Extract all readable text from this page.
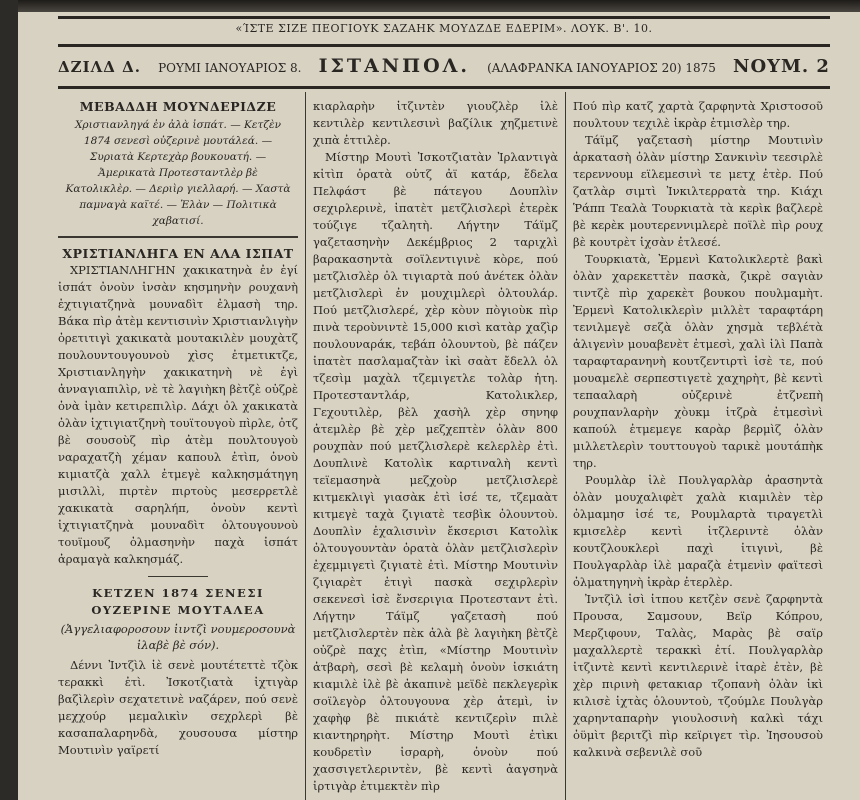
«ΊΣΤΕ ΣΙΖΕ ΠΕΟΓΙΟΥΚ ΣΑΖΑΗΚ ΜΟΥΔΖΔΕ ΕΔΕΡΙΜ». ΛΟΥΚ. Β'. 10.
ΔΖΙΛΔ Δ. ΡΟΥΜΙ ΙΑΝΟΥΑΡΙΟΣ 8. ΙΣΤΑΝΠΟΛ. (ΑΛΑΦΡΑΝΚΑ ΙΑΝΟΥΑΡΙΟΣ 20) 1875 ΝΟΥΜ. 2
ΜΕΒΑΔΔΗ ΜΟΥΝΔΕΡΙΔΖΕ
Χριστιανληγά ἐν ἀλὰ ἰσπάτ. — Κετζὲν 1874 σενεσὶ οὐζερινὲ μουτάλεά. — Συριατὰ Κερτεχὰρ βουκουατή. — Ἀμερικατὰ Προτεσταντλὲρ βὲ Κατολικλὲρ. — Δεριὶρ γιελλαρή. — Χαστὰ παμναγὰ καϊτέ. — Ἑλὰν — Πολιτικὰ χαβατισί.
ΧΡΙΣΤΙΑΝΛΗΓΑ ΕΝ ΑΛΑ ΙΣΠΑΤ

ΧΡΙΣΤΙΑΝΛΗΓΗΝ χακικατηνὰ ἐν ἐγί ἰσπάτ ὀνοὺν ἰνσὰν κησμηνὴν ρουχανὴ ἐχτιγιατζηνὰ μουναδὶτ ἐλμασὴ τηρ. Βάκα πὶρ ἀτὲμ κεντισινὶν Χριστιανλιγὴν ὀρετιτιγὶ χακικατὰ μουτακιλὲν μουχὰτζ πουλουντουγουνοὺ χὶσς ἐτμετικτζε, Χριστιανληγὴν χακικατηνὴ νὲ ἐγὶ ἀνναγιαπιλὶρ, νὲ τὲ λαγιὴκη βὲτζὲ οὐζρὲ ὀνὰ ἰμὰν κετιρεπιλὶρ. Δάχι ὀλ χακικατὰ ὀλὰν ἰχτιγιατζηνὴ τουϊτουγοὺ πὶρλε, ὀτζ βὲ σουσοὺζ πὶρ ἀτὲμ πουλτουγοὺ ναραχατζὴ χέμαν καπουλ ἐτὶπ, ὀνοὺ κιμιατζὰ χαλλ ἐτμεγὲ καλκησμάτηγη μισιλλὶ, πιρτὲν πιρτοὺς μεσερρετλὲ χακικατὰ σαρηλήπ, ὀνοὺν κεντὶ ἰχτιγιατζηνὰ μουναδὶτ ὀλτουγουνοὺ τουϊμουζ ὀλμασηνὴν παχὰ ἰσπάτ ἀραμαγὰ καλκησμάζ.

ΚΕΤΖΕΝ 1874 ΣΕΝΕΣΙ ΟΥΖΕΡΙΝΕ ΜΟΥΤΑΛΕΑ
(Ἀγγελιαφοροσουν ἰιντζὶ νουμεροσουνὰ ἰλαβὲ βὲ σόν).

Δέννι Ἰντζὶλ ἰὲ σενὲ μουτέτεττὲ τζὸκ τερακκὶ ἐτὶ. Ἰσκοτζιατὰ ἰχτιγὰρ βαζὶλερὶν σεχατετινὲ ναζάρεν, πού σενὲ μεχχούρ μεμαλικὶν σεχρλερὶ βὲ κασαπαλαρηνδὰ, χουσουσα μίστηρ Μουτινὶν γαϊρετί

κιαρλαρὴν ἰτζιντὲν γιουζλὲρ ἰλὲ κεντιλὲρ κεντιλεσινὶ βαζίλικ χηζμετινὲ χιπὰ ἐττιλὲρ.

Μίστηρ Μουτὶ Ἰσκοτζιατὰν Ἰρλαντιγὰ κἰτὶπ ὁρατὰ οὐτζ ἀϊ κατάρ, ἔδελα Πελφάστ βὲ πάτεγου Δουπλὶν σεχιρλερινὲ, ἰπατὲτ μετζλισλερὶ ἐτερὲκ τούζιγε τζαλητὴ. Λήγτην Τάϊμζ γαζετασηνὴν Δεκέμβριος 2 ταριχλὶ βαρακασηντὰ σοϊλεντιγινὲ κὸρε, πού μετζλισλὲρ ὀλ τιγιαρτὰ πού ἀνέτεκ ὀλὰν μετζλισλερὶ ἐν μουχιμλερὶ ὀλτουλάρ. Πού μετζλισλερέ, χὲρ κὸυν πὸγιοὺκ πὶρ πινὰ τεροὺνιντὲ 15,000 κισὶ κατὰρ χαζὶρ πουλουναράκ, τεβάπ ὀλουντοὺ, βὲ πάζεν ἰπατὲτ πασλαμαζτὰν ἰκὶ σαὰτ ἔδελλ ὀλ τζεσὶμ μαχὰλ τζεμιγετλε τολὰρ ἠτη. Προτεσταντλάρ, Κατολικλερ, Γεχουτιλὲρ, βὲλ χασὴλ χὲρ σηνηφ ἀτεμλὲρ βὲ χὲρ μεζχεπτὲν ὀλὰν 800 ρουχπὰν πού μετζλισλερὲ κελερλὲρ ἐτὶ. Δουπλινὲ Κατολὶκ καρτιναλὴ κεντὶ τεϊεμασηνὰ μεζχοὺρ μετζλισλερὲ κιτμεκλιγὶ γιασὰκ ἐτὶ ἰσέ τε, τζεμαὰτ κιτμεγὲ ταχὰ ζιγιατὲ τεσβὶκ ὀλουντοὺ. Δουπλὶν ἐχαλισινὶν ἔκσερισι Κατολὶκ ὀλτουγουντὰν ὁρατὰ ὀλὰν μετζλισλερὶν ἐχεμμιγετὶ ζιγιατὲ ἐτὶ. Μίστηρ Μουτινὶν ζιγιαρὲτ ἐτιγὶ πασκὰ σεχιρλερὶν σεκενεσὶ ἰσὲ ἔνσεριγια Προτεσταντ ἐτὶ. Λήγτην Τάϊμζ γαζετασὴ πού μετζλισλερτὲν πὲκ ἀλὰ βὲ λαγιὴκη βὲτζὲ οὐζρὲ παχς ἐτὶπ, «Μίστηρ Μουτινὶν ἀτβαρὴ, σεσὶ βὲ κελαμὴ ὀνοὺν ἰσκιάτη κιαμιλὲ ἰλὲ βὲ ἀκαπινὲ μεϊδὲ πεκλεγερὶκ σοϊλεγὸρ ὀλτουγουνα χὲρ ἀτεμὶ, ἰν χαφὴφ βὲ πικιάτὲ κεντιζερὶν πιλὲ κιαντηρηρὴτ. Μίστηρ Μουτὶ ἐτὶκι κουδρετὶν ἰσραρὴ, ὀνοὺν πού χασσιγετλεριντὲν, βὲ κεντὶ ἀαγσηνὰ ἰρτιγὰρ ἐτιμεκτὲν πὶρ

Πού πὶρ κατζ χαρτὰ ζαρφηντὰ Χριστοσοῦ πουλτουν τεχιλὲ ἰκρὰρ ἐτμισλὲρ τηρ.

Τάϊμζ γαζετασὴ μίστηρ Μουτινὶν ἀρκατασὴ ὀλὰν μίστηρ Σανκινὶν τεεσιρλὲ τερεννουμ εϊλεμεσινὶ τε μετχ ἐτὲρ. Πού ζατλὰρ σιμτὶ Ἰνκιλτερρατὰ τηρ. Κιάχι Ῥάππ Τεαλὰ Τουρκιατὰ τὰ κερὶκ βαζλερὲ βὲ κερὲκ μουτερεννιμλερὲ ποϊλὲ πὶρ ρουχ βὲ κουτρὲτ ἰχσὰν ἐτλεσέ.

Τουρκιατὰ, Ἐρμενὶ Κατολικλερτὲ βακὶ ὀλὰν χαρεκεττὲν πασκὰ, ζικρὲ σαγιὰν τιντζὲ πὶρ χαρεκὲτ βουκου πουλμαμὴτ. Ἐρμενὶ Κατολικλερὶν μιλλὲτ ταραφτάρη τενιλμεγὲ σεζὰ ὀλὰν χησμὰ τεβλέτὰ ἀλιγενὶν μουαβενὲτ ἐτμεσὶ, χαλὶ ἰλὶ Παπὰ ταραφταρανηνὴ κουτζεντιρτὶ ἰσὲ τε, πού μουαμελὲ σερπεστιγετὲ χαχηρὴτ, βὲ κεντὶ τεπααλαρὴ οὐζερινὲ ἐτζνεπὴ ρουχπανλαρὴν χὸυκμ ἰτζρὰ ἐτμεσὶνὶ καπούλ ἐτμεμεγε καρὰρ βερμὶζ ὀλὰν μιλλετλερὶν τουττουγοὺ ταρικὲ μουτάπὴκ τηρ.

Ρουμλὰρ ἰλὲ Πουλγαρλὰρ ἀρασηντὰ ὀλὰν μουχαλιφὲτ χαλὰ κιαμιλὲν τὲρ ὀλμαμησ ἰσέ τε, Ρουμλαρτὰ τιραγετλὶ κμισελὲρ κεντὶ ἰτζλεριντὲ ὀλὰν κουτζλουκλερὶ παχὶ ἰτιγινὶ, βὲ Πουλγαρλὰρ ἰλὲ μαραζὰ ἐτμενὶν φαϊτεσὶ ὀλματηγηνὴ ἰκρὰρ ἐτερλὲρ.

Ἰντζὶλ ἰσὶ ἰτπου κετζὲν σενὲ ζαρφηντὰ Προυσα, Σαμσουν, Βεϊρ Κόπρου, Μερζιφουν, Ταλὰς, Μαρὰς βὲ σαϊρ μαχαλλερτὲ τερακκὶ ἐτί. Πουλγαρλὰρ ἰτζιντὲ κεντὶ κεντιλερινὲ ἰταρὲ ἐτὲν, βὲ χὲρ πιρινὴ φετακιαρ τζοπανὴ ὀλὰν ἰκὶ κιλισὲ ἰχτὰς ὀλουντοὺ, τζούμλε Πουλγὰρ χαρηνταπαρὴν γιουλοσινὴ καλκὶ τάχι ὀϋμὶτ βεριτζὶ πὶρ κεϊριγετ τὶρ. Ἰησουσοὺ καλκινὰ σεβενιλὲ σοῦ
